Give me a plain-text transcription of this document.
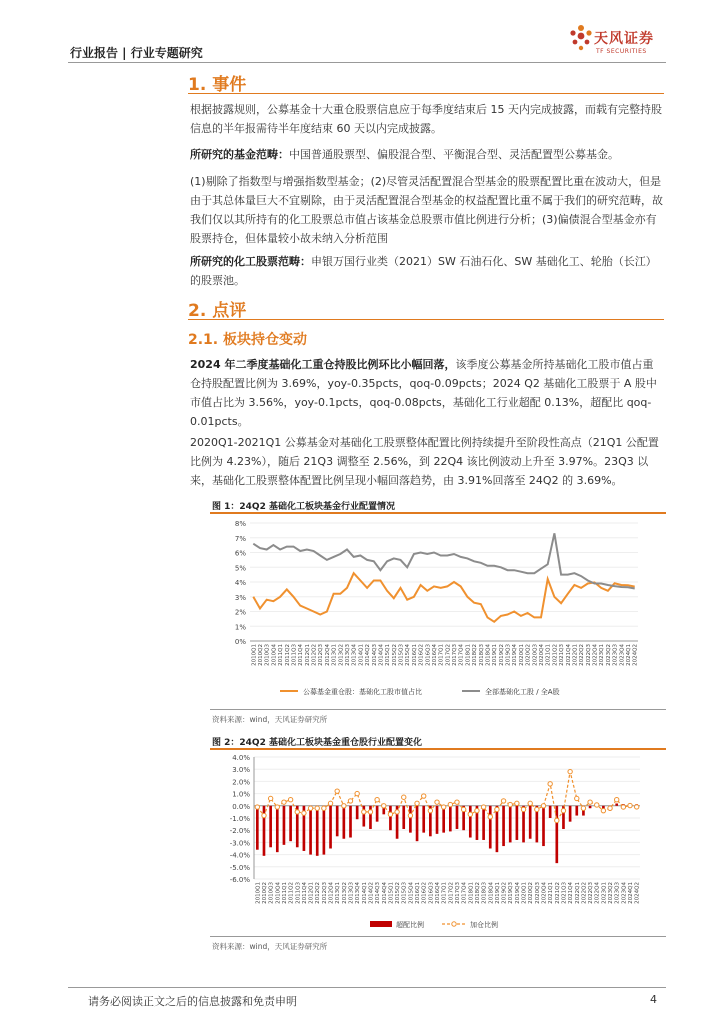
行业报告 | 行业专题研究
天风证券
TF SECURITIES
1. 事件
根据披露规则，公募基金十大重仓股票信息应于每季度结束后 15 天内完成披露，而载有完整持股信息的半年报需待半年度结束 60 天以内完成披露。
所研究的基金范畴：中国普通股票型、偏股混合型、平衡混合型、灵活配置型公募基金。
(1)剔除了指数型与增强指数型基金；(2)尽管灵活配置混合型基金的股票配置比重在波动大，但是由于其总体量巨大不宜剔除，由于灵活配置混合型基金的权益配置比重不属于我们的研究范畴，故我们仅以其所持有的化工股票总市值占该基金总股票市值比例进行分析；(3)偏债混合型基金亦有股票持仓，但体量较小故未纳入分析范围
所研究的化工股票范畴：申银万国行业类（2021）SW 石油石化、SW 基础化工、轮胎（长江）的股票池。
2. 点评
2.1. 板块持仓变动
2024 年二季度基础化工重仓持股比例环比小幅回落，该季度公募基金所持基础化工股市值占重仓持股配置比例为 3.69%，yoy-0.35pcts，qoq-0.09pcts；2024 Q2 基础化工股票于 A 股中市值占比为 3.56%，yoy-0.1pcts，qoq-0.08pcts，基础化工行业超配 0.13%，超配比 qoq-0.01pcts。
2020Q1-2021Q1 公募基金对基础化工股票整体配置比例持续提升至阶段性高点（21Q1 公配置比例为 4.23%），随后 21Q3 调整至 2.56%，到 22Q4 该比例波动上升至 3.97%。23Q3 以来，基础化工股票整体配置比例呈现小幅回落趋势，由 3.91%回落至 24Q2 的 3.69%。
图 1：24Q2 基础化工板块基金行业配置情况
0%
1%
2%
3%
4%
5%
6%
7%
8%
2010Q1 2010Q2 2010Q3 2010Q4 2011Q1 2011Q2 2011Q3 2011Q4 2012Q1 2012Q2 2012Q3 2012Q4 2013Q1 2013Q2 2013Q3 2013Q4 2014Q1 2014Q2 2014Q3 2014Q4 2015Q1 2015Q2 2015Q3 2015Q4 2016Q1 2016Q2 2016Q3 2016Q4 2017Q1 2017Q2 2017Q3 2017Q4 2018Q1 2018Q2 2018Q3 2018Q4 2019Q1 2019Q2 2019Q3 2019Q4 2020Q1 2020Q2 2020Q3 2020Q4 2021Q1 2021Q2 2021Q3 2021Q4 2022Q1 2022Q2 2022Q3 2022Q4 2023Q1 2023Q2 2023Q3 2023Q4 2024Q1 2024Q2
公募基金重仓股：基础化工股市值占比	全部基础化工股 / 全A股
资料来源：wind，天风证券研究所
图 2：24Q2 基础化工板块基金重仓股行业配置变化
-6.0%
-5.0%
-4.0%
-3.0%
-2.0%
-1.0%
0.0%
1.0%
2.0%
3.0%
4.0%
2010Q1 2010Q2 2010Q3 2010Q4 2011Q1 2011Q2 2011Q3 2011Q4 2012Q1 2012Q2 2012Q3 2012Q4 2013Q1 2013Q2 2013Q3 2013Q4 2014Q1 2014Q2 2014Q3 2014Q4 2015Q1 2015Q2 2015Q3 2015Q4 2016Q1 2016Q2 2016Q3 2016Q4 2017Q1 2017Q2 2017Q3 2017Q4 2018Q1 2018Q2 2018Q3 2018Q4 2019Q1 2019Q2 2019Q3 2019Q4 2020Q1 2020Q2 2020Q3 2020Q4 2021Q1 2021Q2 2021Q3 2021Q4 2022Q1 2022Q2 2022Q3 2022Q4 2023Q1 2023Q2 2023Q3 2023Q4 2024Q1 2024Q2
超配比例	加仓比例
资料来源：wind，天风证券研究所
请务必阅读正文之后的信息披露和免责申明	4
